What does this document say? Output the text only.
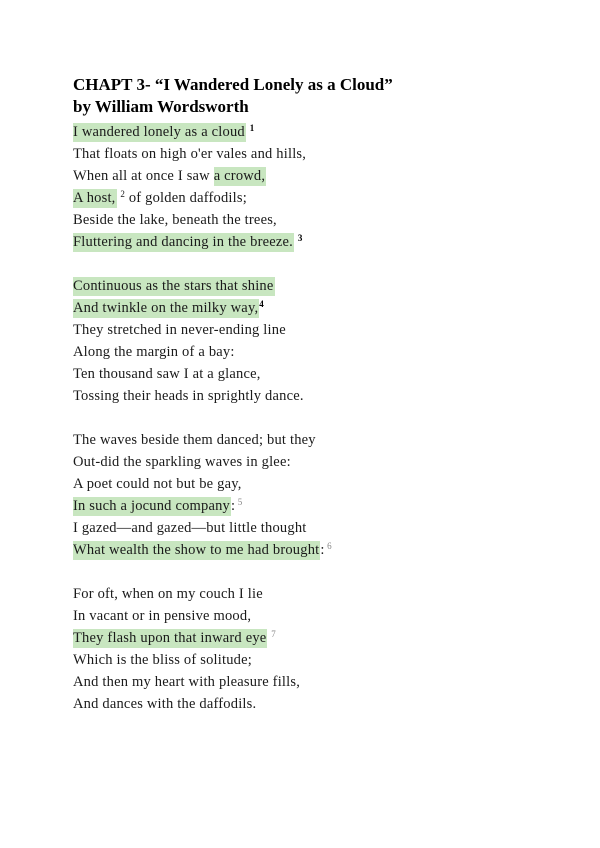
CHAPT 3- “I Wandered Lonely as a Cloud”
by William Wordsworth
I wandered lonely as a cloud $^1$
That floats on high o'er vales and hills,
When all at once I saw a crowd,
A host, $^2$ of golden daffodils;
Beside the lake, beneath the trees,
Fluttering and dancing in the breeze. $^3$
Continuous as the stars that shine
And twinkle on the milky way,$^4$
They stretched in never-ending line
Along the margin of a bay:
Ten thousand saw I at a glance,
Tossing their heads in sprightly dance.
The waves beside them danced; but they
Out-did the sparkling waves in glee:
A poet could not but be gay,
In such a jocund company: $^5$
I gazed—and gazed—but little thought
What wealth the show to me had brought: $^6$
For oft, when on my couch I lie
In vacant or in pensive mood,
They flash upon that inward eye $^7$
Which is the bliss of solitude;
And then my heart with pleasure fills,
And dances with the daffodils.
